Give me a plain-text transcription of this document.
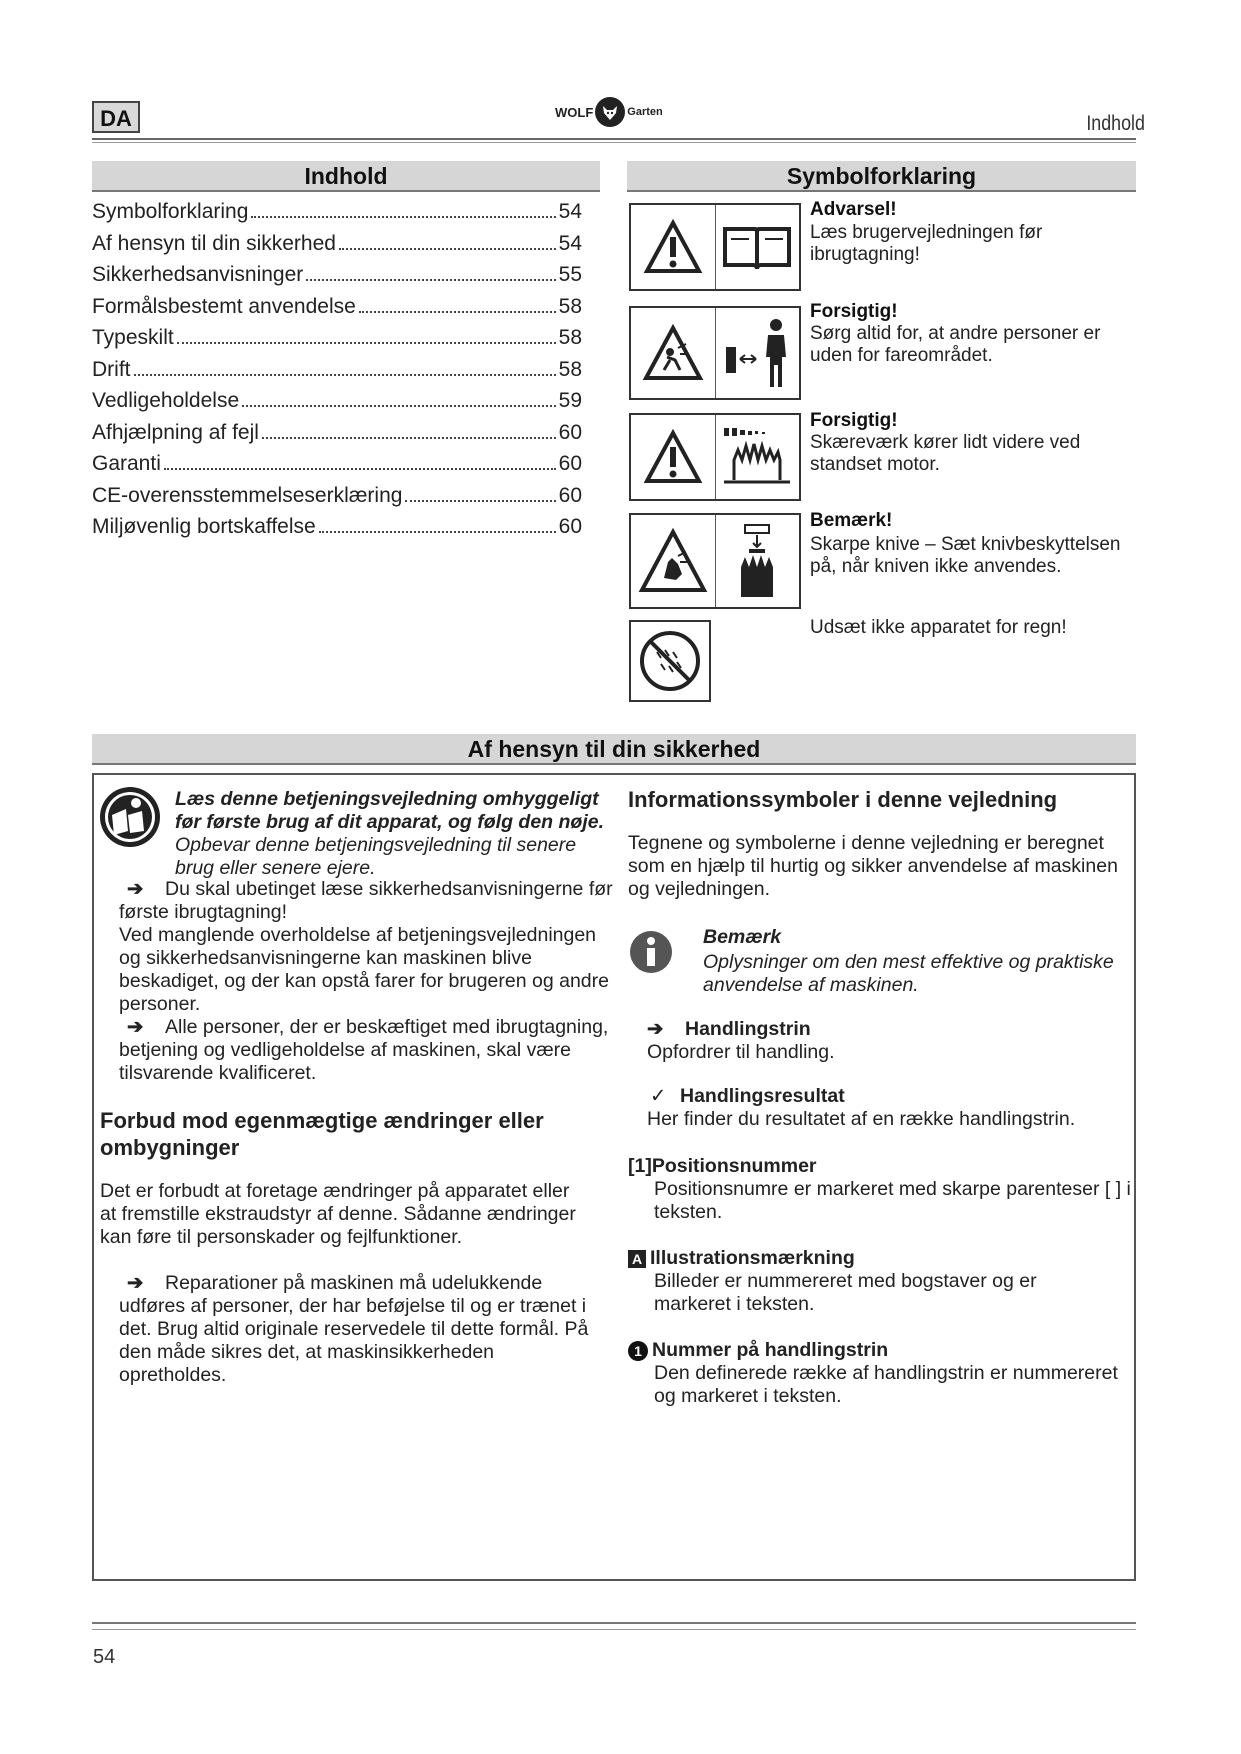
DA	WOLF	Garten	Indhold
Indhold
Symbolforklaring	54
Af hensyn til din sikkerhed	54
Sikkerhedsanvisninger	55
Formålsbestemt anvendelse	58
Typeskilt	58
Drift	58
Vedligeholdelse	59
Afhjælpning af fejl	60
Garanti	60
CE-overensstemmelseserklæring	60
Miljøvenlig bortskaffelse	60
Symbolforklaring
Advarsel!
Læs brugervejledningen før ibrugtagning!
Forsigtig!
Sørg altid for, at andre personer er uden for fareområdet.
Forsigtig!
Skæreværk kører lidt videre ved standset motor.
Bemærk!
Skarpe knive – Sæt knivbeskyttelsen på, når kniven ikke anvendes.
Udsæt ikke apparatet for regn!
Af hensyn til din sikkerhed
Læs denne betjeningsvejledning omhyggeligt før første brug af dit apparat, og følg den nøje. Opbevar denne betjeningsvejledning til senere brug eller senere ejere.
➔ Du skal ubetinget læse sikkerhedsanvisningerne før første ibrugtagning!
Ved manglende overholdelse af betjeningsvejledningen og sikkerhedsanvisningerne kan maskinen blive beskadiget, og der kan opstå farer for brugeren og andre personer.
➔ Alle personer, der er beskæftiget med ibrugtagning, betjening og vedligeholdelse af maskinen, skal være tilsvarende kvalificeret.
Forbud mod egenmægtige ændringer eller ombygninger
Det er forbudt at foretage ændringer på apparatet eller at fremstille ekstraudstyr af denne. Sådanne ændringer kan føre til personskader og fejlfunktioner.
➔ Reparationer på maskinen må udelukkende udføres af personer, der har beføjelse til og er trænet i det. Brug altid originale reservedele til dette formål. På den måde sikres det, at maskinsikkerheden opretholdes.
Informationssymboler i denne vejledning
Tegnene og symbolerne i denne vejledning er beregnet som en hjælp til hurtig og sikker anvendelse af maskinen og vejledningen.
Bemærk
Oplysninger om den mest effektive og praktiske anvendelse af maskinen.
➔ Handlingstrin
Opfordrer til handling.
✓ Handlingsresultat
Her finder du resultatet af en række handlingstrin.
[1]Positionsnummer
Positionsnumre er markeret med skarpe parenteser [ ] i teksten.
A Illustrationsmærkning
Billeder er nummereret med bogstaver og er markeret i teksten.
1 Nummer på handlingstrin
Den definerede række af handlingstrin er nummereret og markeret i teksten.
54
